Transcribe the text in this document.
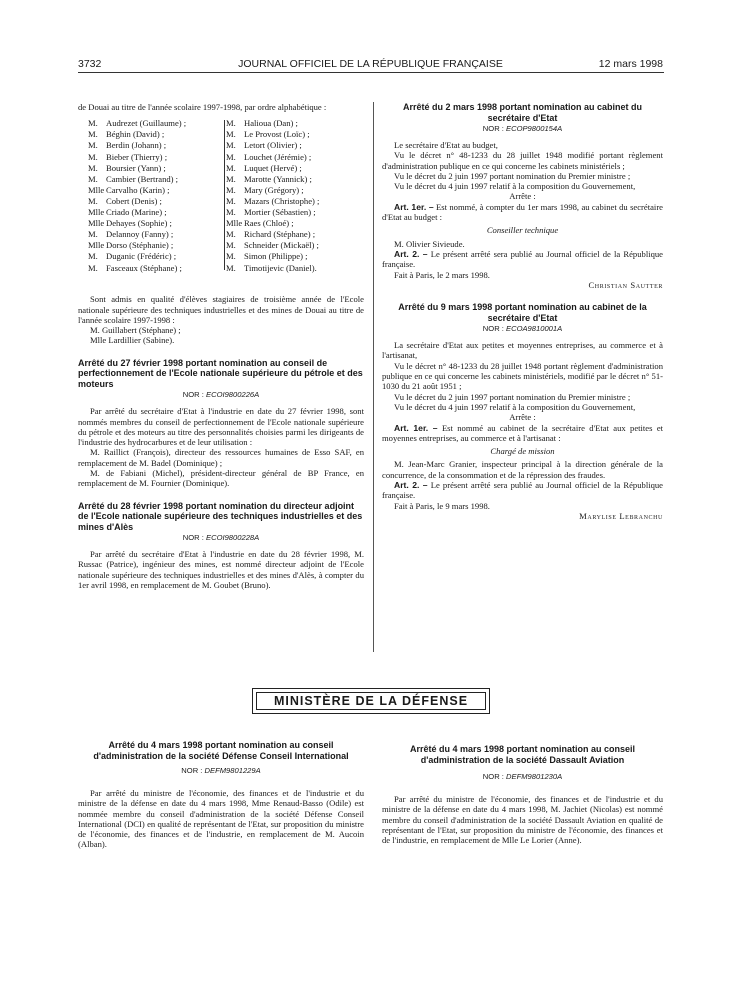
3732	JOURNAL OFFICIEL DE LA RÉPUBLIQUE FRANÇAISE	12 mars 1998

de Douai au titre de l'année scolaire 1997-1998, par ordre alphabétique :

M. Audrezet (Guillaume) ;
M. Béghin (David) ;
M. Berdin (Johann) ;
M. Bieber (Thierry) ;
M. Boursier (Yann) ;
M. Cambier (Bertrand) ;
Mlle Carvalho (Karin) ;
M. Cobert (Denis) ;
Mlle Criado (Marine) ;
Mlle Dehayes (Sophie) ;
M. Delannoy (Fanny) ;
Mlle Dorso (Stéphanie) ;
M. Duganic (Frédéric) ;
M. Fasceaux (Stéphane) ;
M. Halioua (Dan) ;
M. Le Provost (Loïc) ;
M. Letort (Olivier) ;
M. Louchet (Jérémie) ;
M. Luquet (Hervé) ;
M. Marotte (Yannick) ;
M. Mary (Grégory) ;
M. Mazars (Christophe) ;
M. Mortier (Sébastien) ;
Mlle Raes (Chloé) ;
M. Richard (Stéphane) ;
M. Schneider (Mickaël) ;
M. Simon (Philippe) ;
M. Timotijevic (Daniel).

Sont admis en qualité d'élèves stagiaires de troisième année de l'Ecole nationale supérieure des techniques industrielles et des mines de Douai au titre de l'année scolaire 1997-1998 :

M. Guillabert (Stéphane) ;

Mlle Lardillier (Sabine).

Arrêté du 27 février 1998 portant nomination au conseil de perfectionnement de l'Ecole nationale supérieure du pétrole et des moteurs
NOR : ECOI9800226A

Par arrêté du secrétaire d'Etat à l'industrie en date du 27 février 1998, sont nommés membres du conseil de perfectionnement de l'Ecole nationale supérieure du pétrole et des moteurs au titre des personnalités choisies parmi les dirigeants de l'industrie des hydrocarbures et de leur utilisation :

M. Raillict (François), directeur des ressources humaines de Esso SAF, en remplacement de M. Badel (Dominique) ;

M. de Fabiani (Michel), président-directeur général de BP France, en remplacement de M. Fournier (Dominique).

Arrêté du 28 février 1998 portant nomination du directeur adjoint de l'Ecole nationale supérieure des techniques industrielles et des mines d'Alès
NOR : ECOI9800228A

Par arrêté du secrétaire d'Etat à l'industrie en date du 28 février 1998, M. Russac (Patrice), ingénieur des mines, est nommé directeur adjoint de l'Ecole nationale supérieure des techniques industrielles et des mines d'Alès, à compter du 1er avril 1998, en remplacement de M. Goubet (Bruno).

Arrêté du 2 mars 1998 portant nomination au cabinet du secrétaire d'Etat
NOR : ECOP9800154A

Le secrétaire d'Etat au budget,

Vu le décret n° 48-1233 du 28 juillet 1948 modifié portant règlement d'administration publique en ce qui concerne les cabinets ministériels ;

Vu le décret du 2 juin 1997 portant nomination du Premier ministre ;

Vu le décret du 4 juin 1997 relatif à la composition du Gouvernement,

Arrête :

Art. 1er. – Est nommé, à compter du 1er mars 1998, au cabinet du secrétaire d'Etat au budget :

Conseiller technique

M. Olivier Sivieude.

Art. 2. – Le présent arrêté sera publié au Journal officiel de la République française.

Fait à Paris, le 2 mars 1998.

Christian Sautter

Arrêté du 9 mars 1998 portant nomination au cabinet de la secrétaire d'Etat
NOR : ECOA9810001A

La secrétaire d'Etat aux petites et moyennes entreprises, au commerce et à l'artisanat,

Vu le décret n° 48-1233 du 28 juillet 1948 portant règlement d'administration publique en ce qui concerne les cabinets ministériels, modifié par le décret n° 51-1030 du 21 août 1951 ;

Vu le décret du 2 juin 1997 portant nomination du Premier ministre ;

Vu le décret du 4 juin 1997 relatif à la composition du Gouvernement,

Arrête :

Art. 1er. – Est nommé au cabinet de la secrétaire d'Etat aux petites et moyennes entreprises, au commerce et à l'artisanat :

Chargé de mission

M. Jean-Marc Granier, inspecteur principal à la direction générale de la concurrence, de la consommation et de la répression des fraudes.

Art. 2. – Le présent arrêté sera publié au Journal officiel de la République française.

Fait à Paris, le 9 mars 1998.

Marylise Lebranchu

MINISTÈRE DE LA DÉFENSE
Arrêté du 4 mars 1998 portant nomination au conseil d'administration de la société Défense Conseil International
NOR : DEFM9801229A

Par arrêté du ministre de l'économie, des finances et de l'industrie et du ministre de la défense en date du 4 mars 1998, Mme Renaud-Basso (Odile) est nommée membre du conseil d'administration de la société Défense Conseil International (DCI) en qualité de représentant de l'Etat, sur proposition du ministre de l'économie, des finances et de l'industrie, en remplacement de M. Aucoin (Alban).

Arrêté du 4 mars 1998 portant nomination au conseil d'administration de la société Dassault Aviation
NOR : DEFM9801230A

Par arrêté du ministre de l'économie, des finances et de l'industrie et du ministre de la défense en date du 4 mars 1998, M. Jachiet (Nicolas) est nommé membre du conseil d'administration de la société Dassault Aviation en qualité de représentant de l'Etat, sur proposition du ministre de l'économie, des finances et de l'industrie, en remplacement de Mlle Le Lorier (Anne).
